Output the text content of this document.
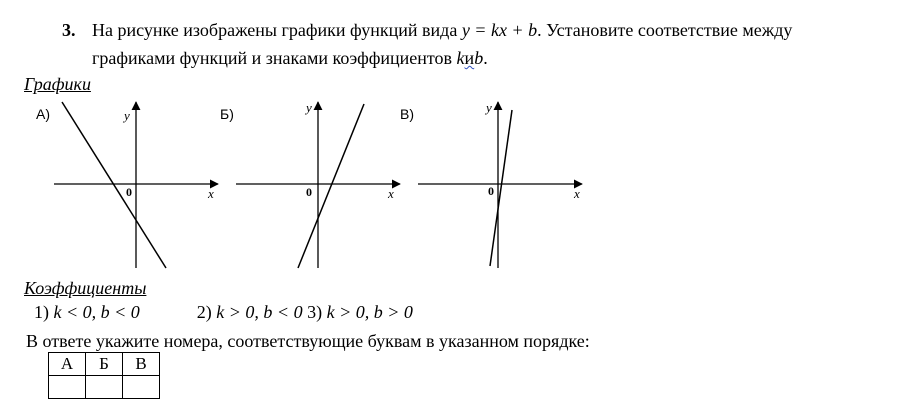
3. На рисунке изображены графики функций вида y = kx + b. Установите соответствие между
графиками функций и знаками коэффициентов kиb.
Графики
А)	Б)	В)
y
x
0
y
x
0
y
x
0
Коэффициенты
1) k < 0, b < 0	2) k > 0, b < 0 3) k > 0, b > 0
В ответе укажите номера, соответствующие буквам в указанном порядке:
А	Б	В
